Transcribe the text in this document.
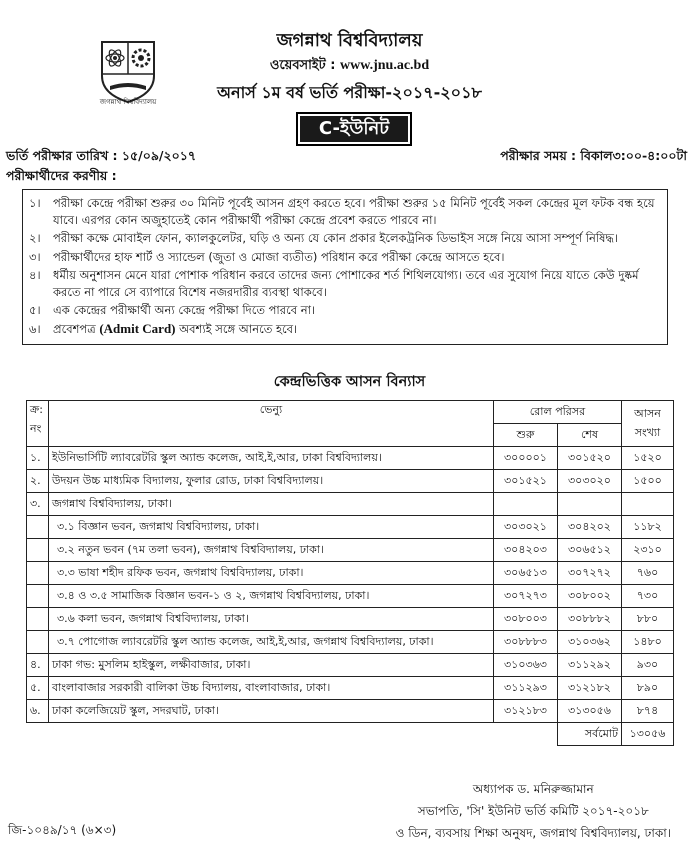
জগন্নাথ বিশ্ববিদ্যালয়
জগন্নাথ বিশ্ববিদ্যালয়
ওয়েবসাইট : www.jnu.ac.bd
অনার্স ১ম বর্ষ ভর্তি পরীক্ষা-২০১৭-২০১৮
C-ইউনিট
ভর্তি পরীক্ষার তারিখ : ১৫/০৯/২০১৭	পরীক্ষার সময় : বিকাল৩:০০-৪:০০টা
পরীক্ষার্থীদের করণীয় :
১।	পরীক্ষা কেন্দ্রে পরীক্ষা শুরুর ৩০ মিনিট পূর্বেই আসন গ্রহণ করতে হবে। পরীক্ষা শুরুর ১৫ মিনিট পূর্বেই সকল কেন্দ্রের মূল ফটক বন্ধ হয়ে যাবে। এরপর কোন অজুহাতেই কোন পরীক্ষার্থী পরীক্ষা কেন্দ্রে প্রবেশ করতে পারবে না।
২।	পরীক্ষা কক্ষে মোবাইল ফোন, ক্যালকুলেটর, ঘড়ি ও অন্য যে কোন প্রকার ইলেকট্রনিক ডিভাইস সঙ্গে নিয়ে আসা সম্পূর্ণ নিষিদ্ধ।
৩।	পরীক্ষার্থীদের হাফ শার্ট ও স্যান্ডেল (জুতা ও মোজা ব্যতীত) পরিধান করে পরীক্ষা কেন্দ্রে আসতে হবে।
৪।	ধর্মীয় অনুশাসন মেনে যারা পোশাক পরিধান করবে তাদের জন্য পোশাকের শর্ত শিথিলযোগ্য। তবে এর সুযোগ নিয়ে যাতে কেউ দুষ্কর্ম করতে না পারে সে ব্যাপারে বিশেষ নজরদারীর ব্যবস্থা থাকবে।
৫।	এক কেন্দ্রের পরীক্ষার্থী অন্য কেন্দ্রে পরীক্ষা দিতে পারবে না।
৬।	প্রবেশপত্র (Admit Card) অবশ্যই সঙ্গে আনতে হবে।
কেন্দ্রভিত্তিক আসন বিন্যাস
ক্র: নং	ভেন্যু	রোল পরিসর		আসন সংখ্যা
		শুরু	শেষ	
১.	ইউনিভার্সিটি ল্যাবরেটরি স্কুল অ্যান্ড কলেজ, আই,ই,আর, ঢাকা বিশ্ববিদ্যালয়।	৩০০০০১	৩০১৫২০	১৫২০
২.	উদয়ন উচ্চ মাধ্যমিক বিদ্যালয়, ফুলার রোড, ঢাকা বিশ্ববিদ্যালয়।	৩০১৫২১	৩০৩০২০	১৫০০
৩.	জগন্নাথ বিশ্ববিদ্যালয়, ঢাকা।			
	৩.১ বিজ্ঞান ভবন, জগন্নাথ বিশ্ববিদ্যালয়, ঢাকা।	৩০৩০২১	৩০৪২০২	১১৮২
	৩.২ নতুন ভবন (৭ম তলা ভবন), জগন্নাথ বিশ্ববিদ্যালয়, ঢাকা।	৩০৪২০৩	৩০৬৫১২	২৩১০
	৩.৩ ভাষা শহীদ রফিক ভবন, জগন্নাথ বিশ্ববিদ্যালয়, ঢাকা।	৩০৬৫১৩	৩০৭২৭২	৭৬০
	৩.৪ ও ৩.৫ সামাজিক বিজ্ঞান ভবন-১ ও ২, জগন্নাথ বিশ্ববিদ্যালয়, ঢাকা।	৩০৭২৭৩	৩০৮০০২	৭৩০
	৩.৬ কলা ভবন, জগন্নাথ বিশ্ববিদ্যালয়, ঢাকা।	৩০৮০০৩	৩০৮৮৮২	৮৮০
	৩.৭ পোগোজ ল্যাবরেটরি স্কুল অ্যান্ড কলেজ, আই,ই,আর, জগন্নাথ বিশ্ববিদ্যালয়, ঢাকা।	৩০৮৮৮৩	৩১০৩৬২	১৪৮০
৪.	ঢাকা গভ: মুসলিম হাইস্কুল, লক্ষীবাজার, ঢাকা।	৩১০৩৬৩	৩১১২৯২	৯৩০
৫.	বাংলাবাজার সরকারী বালিকা উচ্চ বিদ্যালয়, বাংলাবাজার, ঢাকা।	৩১১২৯৩	৩১২১৮২	৮৯০
৬.	ঢাকা কলেজিয়েট স্কুল, সদরঘাট, ঢাকা।	৩১২১৮৩	৩১৩০৫৬	৮৭৪
			সর্বমোট	১৩০৫৬
অধ্যাপক ড. মনিরুজ্জামান
সভাপতি, 'সি' ইউনিট ভর্তি কমিটি ২০১৭-২০১৮
ও ডিন, ব্যবসায় শিক্ষা অনুষদ, জগন্নাথ বিশ্ববিদ্যালয়, ঢাকা।
জি-১০৪৯/১৭ (৬×৩)
